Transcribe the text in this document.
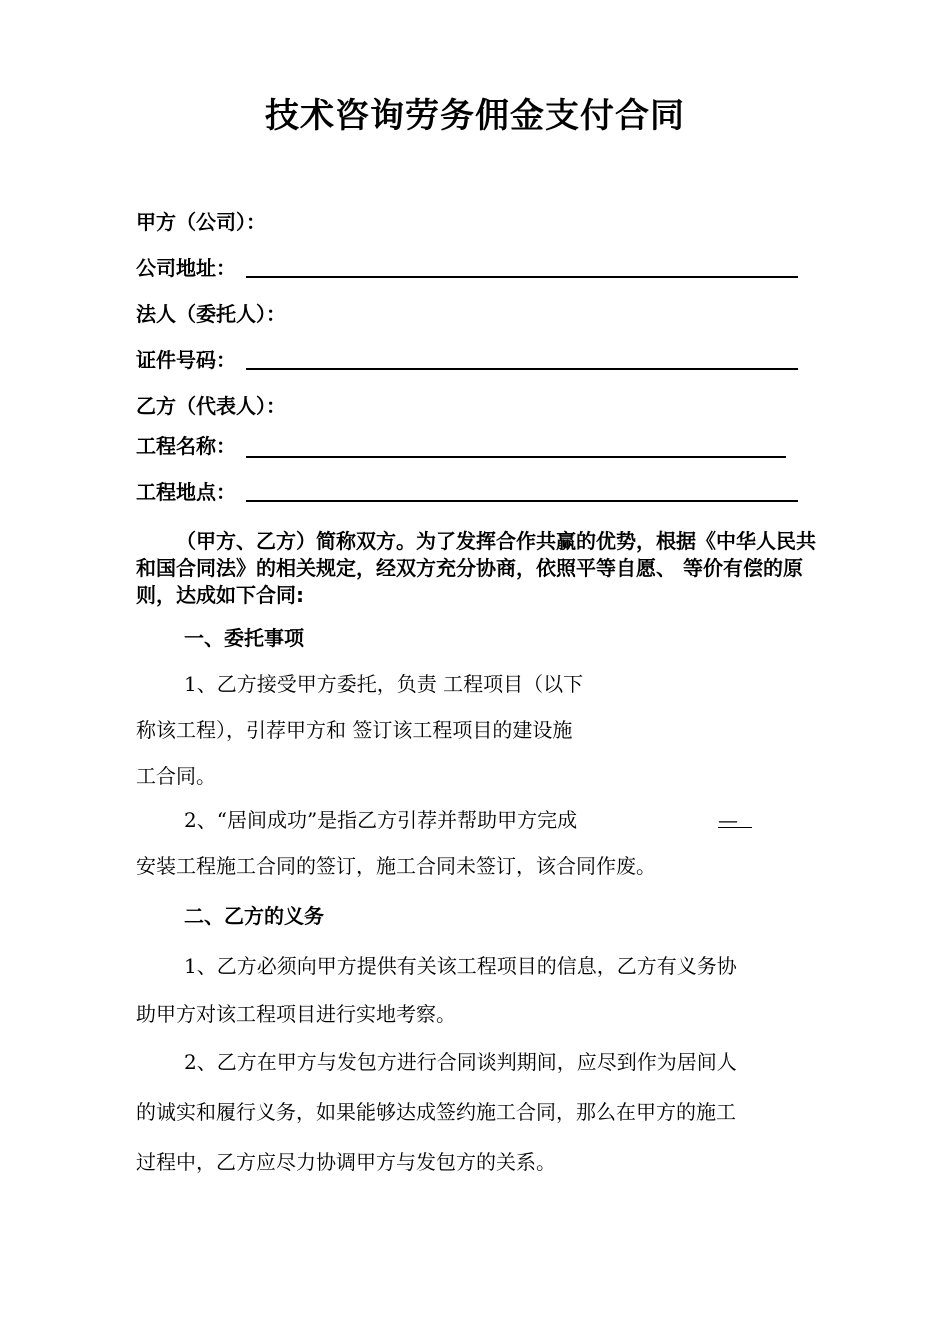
技术咨询劳务佣金支付合同
甲方（公司）：
公司地址：
法人（委托人）：
证件号码：
乙方（代表人）：
工程名称：
工程地点：
（甲方、乙方）简称双方。为了发挥合作共赢的优势，根据《中华人民共和国合同法》的相关规定，经双方充分协商，依照平等自愿、 等价有偿的原则，达成如下合同:
一、委托事项
1、乙方接受甲方委托，负责 工程项目（以下
称该工程），引荐甲方和 签订该工程项目的建设施
工合同。
2、“居间成功”是指乙方引荐并帮助甲方完成	—
安装工程施工合同的签订，施工合同未签订，该合同作废。
二、乙方的义务
1、乙方必须向甲方提供有关该工程项目的信息，乙方有义务协
助甲方对该工程项目进行实地考察。
2、乙方在甲方与发包方进行合同谈判期间，应尽到作为居间人
的诚实和履行义务，如果能够达成签约施工合同，那么在甲方的施工
过程中，乙方应尽力协调甲方与发包方的关系。
